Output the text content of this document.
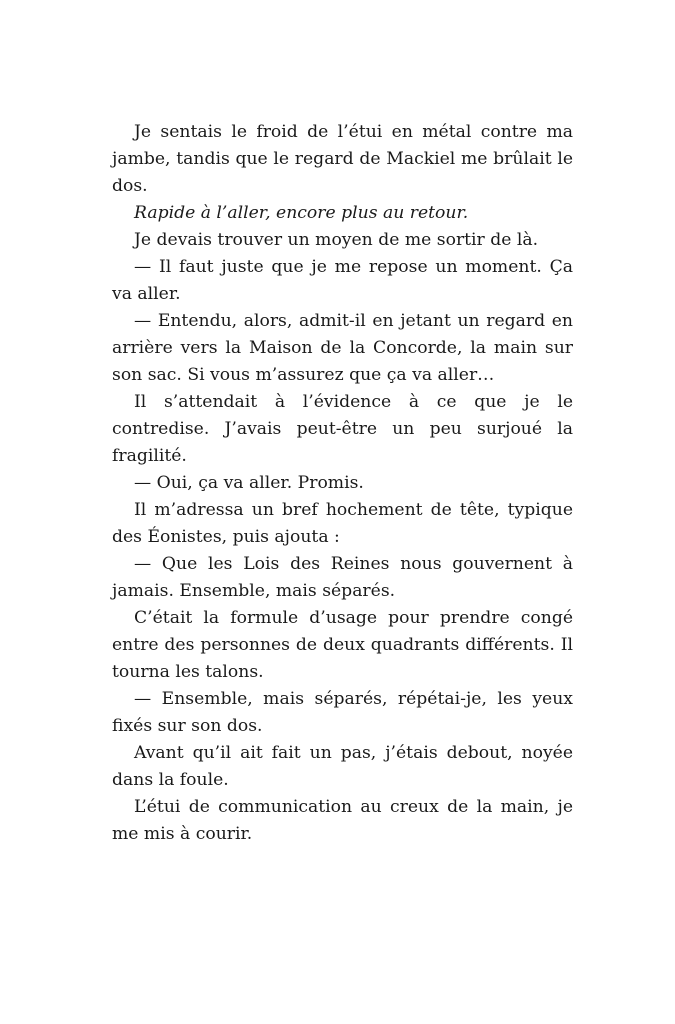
Je sentais le froid de l’étui en métal contre ma jambe, tandis que le regard de Mackiel me brûlait le dos.

Rapide à l’aller, encore plus au retour.

Je devais trouver un moyen de me sortir de là.

— Il faut juste que je me repose un moment. Ça va aller.

— Entendu, alors, admit-il en jetant un regard en arrière vers la Maison de la Concorde, la main sur son sac. Si vous m’assurez que ça va aller…

Il s’attendait à l’évidence à ce que je le contredise. J’avais peut-être un peu surjoué la fragilité.

— Oui, ça va aller. Promis.

Il m’adressa un bref hochement de tête, typique des Éonistes, puis ajouta :

— Que les Lois des Reines nous gouvernent à jamais. Ensemble, mais séparés.

C’était la formule d’usage pour prendre congé entre des personnes de deux quadrants différents. Il tourna les talons.

— Ensemble, mais séparés, répétai-je, les yeux fixés sur son dos.

Avant qu’il ait fait un pas, j’étais debout, noyée dans la foule.

L’étui de communication au creux de la main, je me mis à courir.
